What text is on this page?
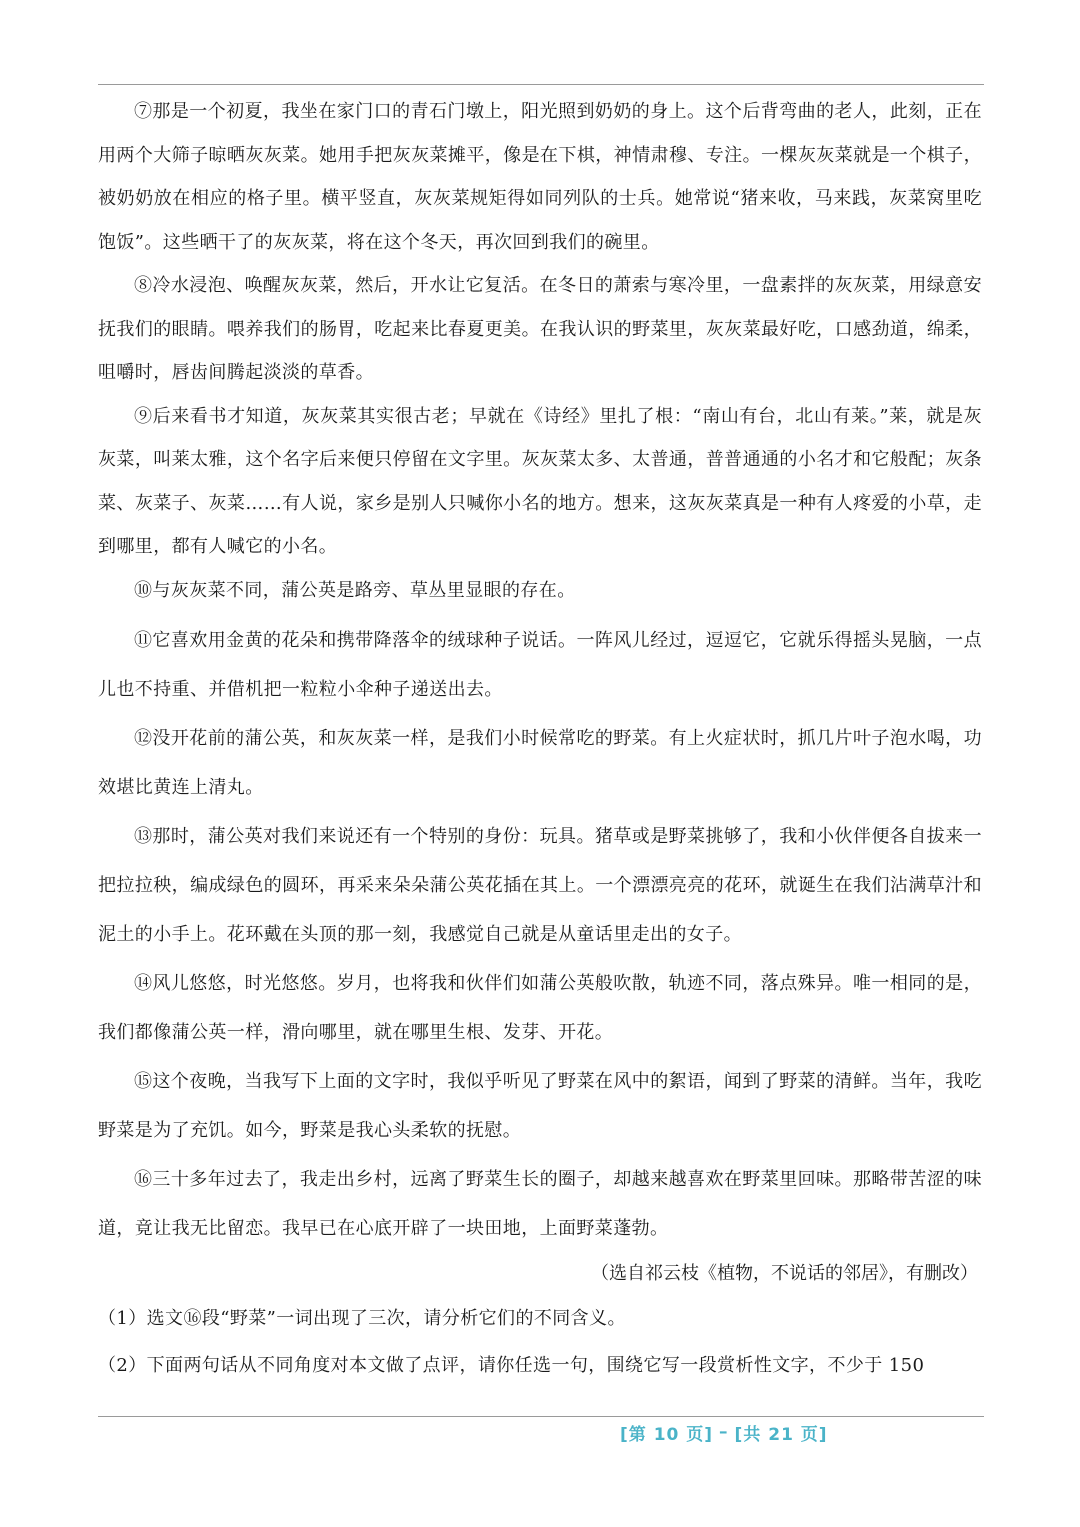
⑦那是一个初夏，我坐在家门口的青石门墩上，阳光照到奶奶的身上。这个后背弯曲的老人，此刻，正在用两个大筛子晾晒灰灰菜。她用手把灰灰菜摊平，像是在下棋，神情肃穆、专注。一棵灰灰菜就是一个棋子，被奶奶放在相应的格子里。横平竖直，灰灰菜规矩得如同列队的士兵。她常说“猪来收，马来践，灰菜窝里吃饱饭”。这些晒干了的灰灰菜，将在这个冬天，再次回到我们的碗里。

⑧冷水浸泡、唤醒灰灰菜，然后，开水让它复活。在冬日的萧索与寒冷里，一盘素拌的灰灰菜，用绿意安抚我们的眼睛。喂养我们的肠胃，吃起来比春夏更美。在我认识的野菜里，灰灰菜最好吃，口感劲道，绵柔，咀嚼时，唇齿间腾起淡淡的草香。

⑨后来看书才知道，灰灰菜其实很古老；早就在《诗经》里扎了根：“南山有台，北山有莱。”莱，就是灰灰菜，叫莱太雅，这个名字后来便只停留在文字里。灰灰菜太多、太普通，普普通通的小名才和它般配；灰条菜、灰菜子、灰菜……有人说，家乡是别人只喊你小名的地方。想来，这灰灰菜真是一种有人疼爱的小草，走到哪里，都有人喊它的小名。

⑩与灰灰菜不同，蒲公英是路旁、草丛里显眼的存在。

⑪它喜欢用金黄的花朵和携带降落伞的绒球种子说话。一阵风儿经过，逗逗它，它就乐得摇头晃脑，一点儿也不持重、并借机把一粒粒小伞种子递送出去。

⑫没开花前的蒲公英，和灰灰菜一样，是我们小时候常吃的野菜。有上火症状时，抓几片叶子泡水喝，功效堪比黄连上清丸。

⑬那时，蒲公英对我们来说还有一个特别的身份：玩具。猪草或是野菜挑够了，我和小伙伴便各自拔来一把拉拉秧，编成绿色的圆环，再采来朵朵蒲公英花插在其上。一个漂漂亮亮的花环，就诞生在我们沾满草汁和泥土的小手上。花环戴在头顶的那一刻，我感觉自己就是从童话里走出的女子。

⑭风儿悠悠，时光悠悠。岁月，也将我和伙伴们如蒲公英般吹散，轨迹不同，落点殊异。唯一相同的是，我们都像蒲公英一样，滑向哪里，就在哪里生根、发芽、开花。

⑮这个夜晚，当我写下上面的文字时，我似乎听见了野菜在风中的絮语，闻到了野菜的清鲜。当年，我吃野菜是为了充饥。如今，野菜是我心头柔软的抚慰。

⑯三十多年过去了，我走出乡村，远离了野菜生长的圈子，却越来越喜欢在野菜里回味。那略带苦涩的味道，竟让我无比留恋。我早已在心底开辟了一块田地，上面野菜蓬勃。

（选自祁云枝《植物，不说话的邻居》，有删改）

（1）选文⑯段“野菜”一词出现了三次，请分析它们的不同含义。

（2）下面两句话从不同角度对本文做了点评，请你任选一句，围绕它写一段赏析性文字，不少于 150

[第 10 页] – [共 21 页]
